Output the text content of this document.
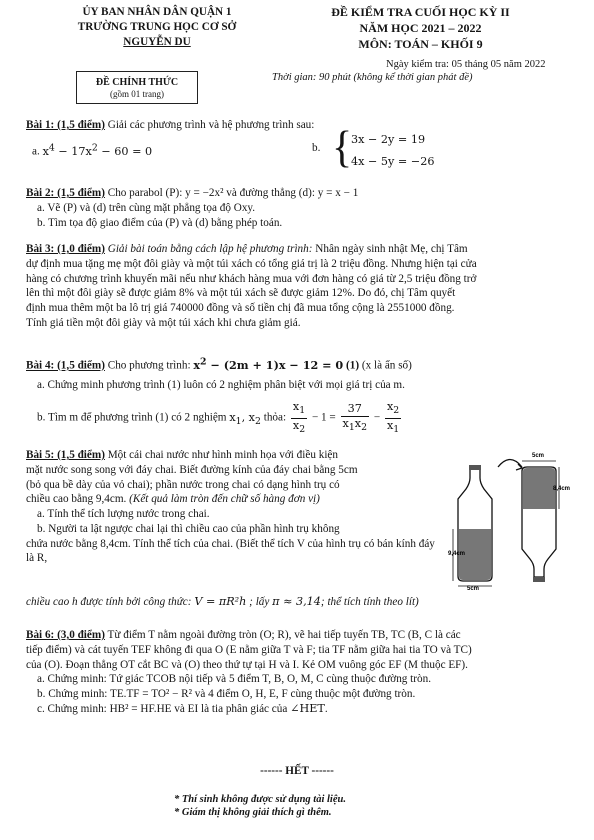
ỦY BAN NHÂN DÂN QUẬN 1
TRƯỜNG TRUNG HỌC CƠ SỞ
NGUYỄN DU
ĐỀ KIỂM TRA CUỐI HỌC KỲ II
NĂM HỌC 2021 – 2022
MÔN: TOÁN – KHỐI 9
ĐỀ CHÍNH THỨC
(gồm 01 trang)
Ngày kiểm tra: 05 tháng 05 năm 2022
Thời gian: 90 phút (không kể thời gian phát đề)
Bài 1: (1,5 điểm) Giải các phương trình và hệ phương trình sau:
a. $x^4 - 17x^2 - 60 = 0$	b. {
3x − 2y = 19
4x − 5y = −26
Bài 2: (1,5 điểm) Cho parabol (P): y = −2x² và đường thẳng (d): y = x − 1
a. Vẽ (P) và (d) trên cùng mặt phẳng tọa độ Oxy.
b. Tìm tọa độ giao điểm của (P) và (d) bằng phép toán.
Bài 3: (1,0 điểm) Giải bài toán bằng cách lập hệ phương trình: Nhân ngày sinh nhật Mẹ, chị Tâm
dự định mua tặng mẹ một đôi giày và một túi xách có tổng giá trị là 2 triệu đồng. Nhưng hiện tại cửa
hàng có chương trình khuyến mãi nếu như khách hàng mua với đơn hàng có giá từ 2,5 triệu đồng trở
lên thì một đôi giày sẽ được giảm 8% và một túi xách sẽ được giảm 12%. Do đó, chị Tâm quyết
định mua thêm một ba lô trị giá 740000 đồng và số tiền chị đã mua tổng cộng là 2551000 đồng.
Tính giá tiền một đôi giày và một túi xách khi chưa giảm giá.
Bài 4: (1,5 điểm) Cho phương trình: $x^2 - (2m + 1)x - 12 = 0$ (1) (x là ẩn số)
a. Chứng minh phương trình (1) luôn có 2 nghiệm phân biệt với mọi giá trị của m.
b. Tìm m để phương trình (1) có 2 nghiệm $x_1$, $x_2$ thỏa: $\frac{x_1}{x_2} - 1 = \frac{37}{x_1x_2} - \frac{x_2}{x_1}$
Bài 5: (1,5 điểm) Một cái chai nước như hình minh họa với điều kiện
mặt nước song song với đáy chai. Biết đường kính của đáy chai bằng 5cm
(bỏ qua bề dày của vỏ chai); phần nước trong chai có dạng hình trụ có
chiều cao bằng 9,4cm. (Kết quả làm tròn đến chữ số hàng đơn vị)
a. Tính thể tích lượng nước trong chai.
b. Người ta lật ngược chai lại thì chiều cao của phần hình trụ không
chứa nước bằng 8,4cm. Tính thể tích của chai. (Biết thể tích V của hình trụ có bán kính đáy là R,
chiều cao h được tính bởi công thức: V = πR²h ; lấy π ≈ 3,14; thể tích tính theo lít)
9,4cm
5cm
8,4cm
5cm
Bài 6: (3,0 điểm) Từ điểm T nằm ngoài đường tròn (O; R), vẽ hai tiếp tuyến TB, TC (B, C là các
tiếp điểm) và cát tuyến TEF không đi qua O (E nằm giữa T và F; tia TF nằm giữa hai tia TO và TC)
của (O). Đoạn thẳng OT cắt BC và (O) theo thứ tự tại H và I. Kẻ OM vuông góc EF (M thuộc EF).
a. Chứng minh: Tứ giác TCOB nội tiếp và 5 điểm T, B, O, M, C cùng thuộc đường tròn.
b. Chứng minh: TE.TF = TO² − R² và 4 điểm O, H, E, F cùng thuộc một đường tròn.
c. Chứng minh: HB² = HF.HE và EI là tia phân giác của ∠HET.
------ HẾT ------
* Thí sinh không được sử dụng tài liệu.
* Giám thị không giải thích gì thêm.
